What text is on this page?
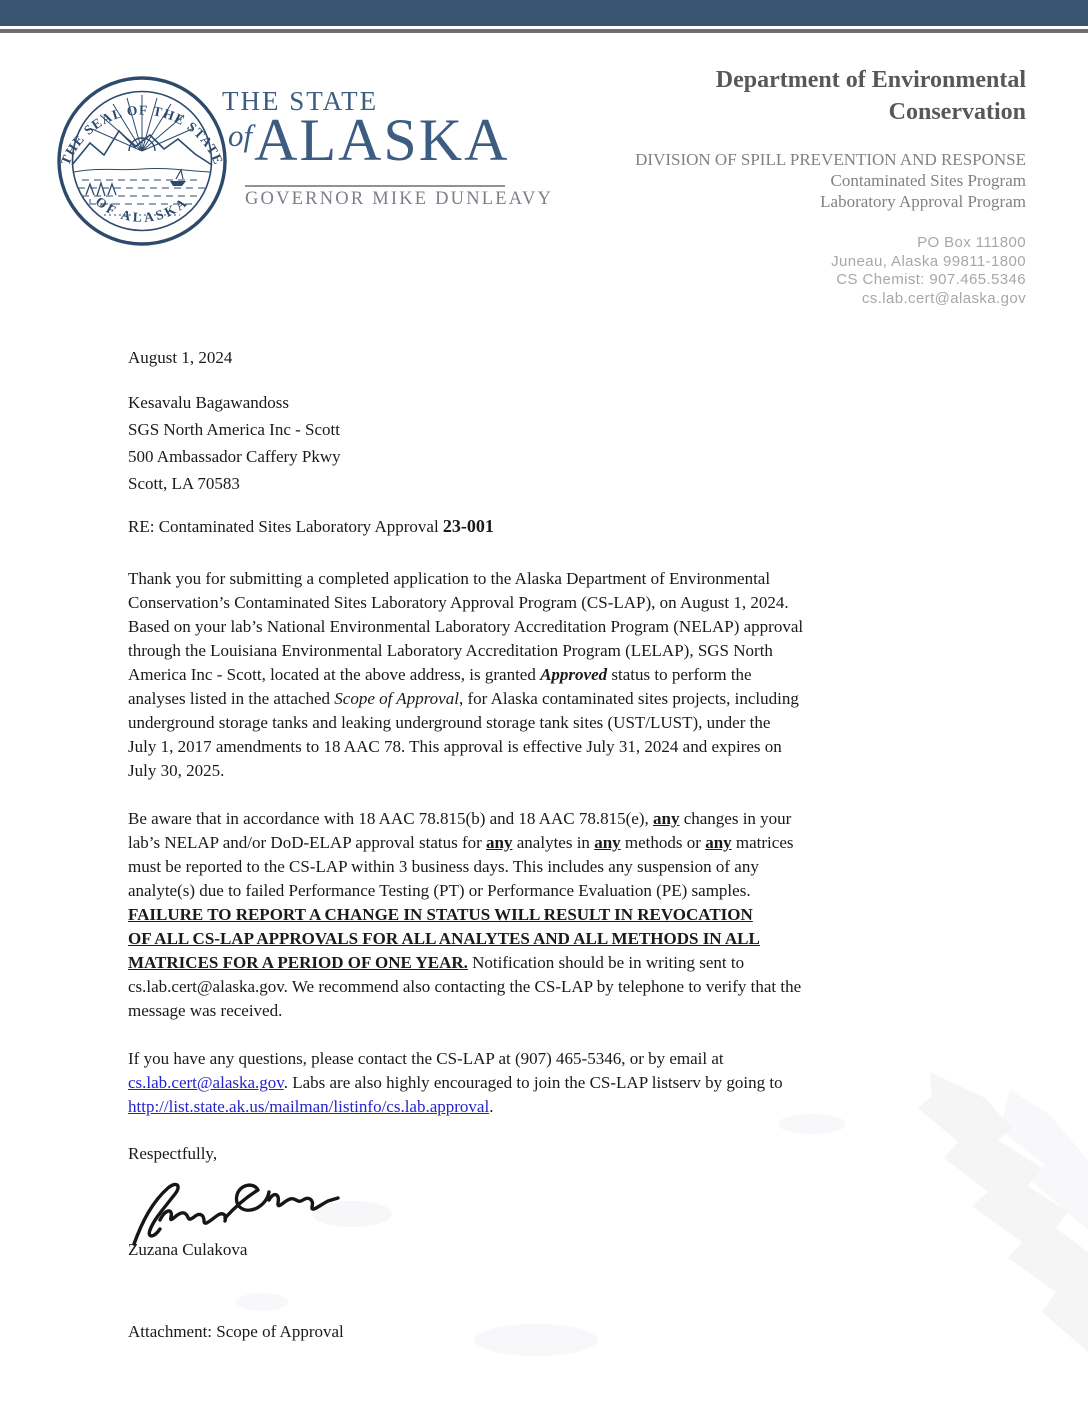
THE SEAL OF THE STATE
OF ALASKA
THE STATE
of ALASKA
GOVERNOR MIKE DUNLEAVY
Department of Environmental
Conservation
DIVISION OF SPILL PREVENTION AND RESPONSE
Contaminated Sites Program
Laboratory Approval Program
PO Box 111800
Juneau, Alaska 99811-1800
CS Chemist: 907.465.5346
cs.lab.cert@alaska.gov
August 1, 2024
Kesavalu Bagawandoss
SGS North America Inc - Scott
500 Ambassador Caffery Pkwy
Scott, LA 70583
RE: Contaminated Sites Laboratory Approval 23-001
Thank you for submitting a completed application to the Alaska Department of Environmental
Conservation’s Contaminated Sites Laboratory Approval Program (CS-LAP), on August 1, 2024.
Based on your lab’s National Environmental Laboratory Accreditation Program (NELAP) approval
through the Louisiana Environmental Laboratory Accreditation Program (LELAP), SGS North
America Inc - Scott, located at the above address, is granted Approved status to perform the
analyses listed in the attached Scope of Approval, for Alaska contaminated sites projects, including
underground storage tanks and leaking underground storage tank sites (UST/LUST), under the
July 1, 2017 amendments to 18 AAC 78. This approval is effective July 31, 2024 and expires on
July 30, 2025.
Be aware that in accordance with 18 AAC 78.815(b) and 18 AAC 78.815(e), any changes in your
lab’s NELAP and/or DoD-ELAP approval status for any analytes in any methods or any matrices
must be reported to the CS-LAP within 3 business days. This includes any suspension of any
analyte(s) due to failed Performance Testing (PT) or Performance Evaluation (PE) samples.
FAILURE TO REPORT A CHANGE IN STATUS WILL RESULT IN REVOCATION
OF ALL CS-LAP APPROVALS FOR ALL ANALYTES AND ALL METHODS IN ALL
MATRICES FOR A PERIOD OF ONE YEAR. Notification should be in writing sent to
cs.lab.cert@alaska.gov. We recommend also contacting the CS-LAP by telephone to verify that the
message was received.
If you have any questions, please contact the CS-LAP at (907) 465-5346, or by email at
cs.lab.cert@alaska.gov. Labs are also highly encouraged to join the CS-LAP listserv by going to
http://list.state.ak.us/mailman/listinfo/cs.lab.approval.
Respectfully,
Zuzana Culakova
Attachment: Scope of Approval
